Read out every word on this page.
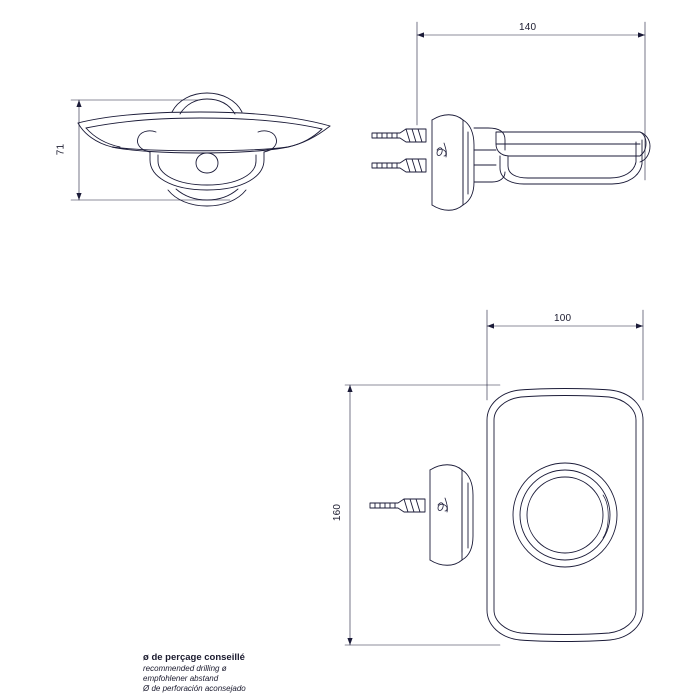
71
140
100
160
ø de perçage conseillé
recommended drilling ø
empfohlener abstand
Ø de perforación aconsejado
